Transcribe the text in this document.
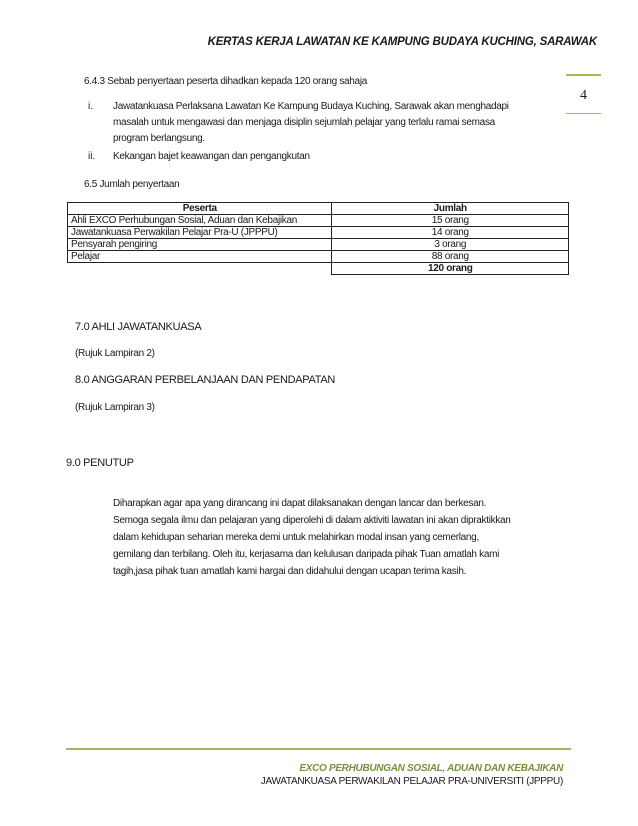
KERTAS KERJA LAWATAN KE KAMPUNG BUDAYA KUCHING, SARAWAK
4
6.4.3 Sebab penyertaan peserta dihadkan kepada 120 orang sahaja
i. Jawatankuasa Perlaksana Lawatan Ke Kampung Budaya Kuching, Sarawak akan menghadapi
masalah untuk mengawasi dan menjaga disiplin sejumlah pelajar yang terlalu ramai semasa
program berlangsung.
ii. Kekangan bajet keawangan dan pengangkutan
6.5 Jumlah penyertaan
Peserta	Jumlah
Ahli EXCO Perhubungan Sosial, Aduan dan Kebajikan	15 orang
Jawatankuasa Perwakilan Pelajar Pra-U (JPPPU)	14 orang
Pensyarah pengiring	3 orang
Pelajar	88 orang
	120 orang
7.0 AHLI JAWATANKUASA
(Rujuk Lampiran 2)
8.0 ANGGARAN PERBELANJAAN DAN PENDAPATAN
(Rujuk Lampiran 3)
9.0 PENUTUP

Diharapkan agar apa yang dirancang ini dapat dilaksanakan dengan lancar dan berkesan.

Semoga segala ilmu dan pelajaran yang diperolehi di dalam aktiviti lawatan ini akan dipraktikkan

dalam kehidupan seharian mereka demi untuk melahirkan modal insan yang cemerlang,

gemilang dan terbilang. Oleh itu, kerjasama dan kelulusan daripada pihak Tuan amatlah kami

tagih,jasa pihak tuan amatlah kami hargai dan didahului dengan ucapan terima kasih.

EXCO PERHUBUNGAN SOSIAL, ADUAN DAN KEBAJIKAN
JAWATANKUASA PERWAKILAN PELAJAR PRA-UNIVERSITI (JPPPU)
